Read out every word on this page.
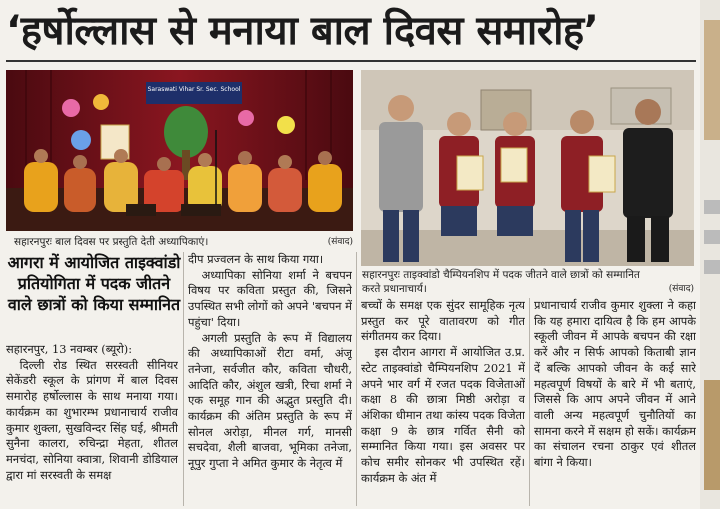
‘हर्षोल्लास से मनाया बाल दिवस समारोह’
Saraswati Vihar Sr. Sec. School
सहारनपुरः बाल दिवस पर प्रस्तुति देती अध्यापिकाएं।	(संवाद)
सहारनपुरः ताइक्वांडो चैम्पियनशिप में पदक जीतने वाले छात्रों को सम्मानित
करते प्रधानाचार्य।	(संवाद)
आगरा में आयोजित ताइक्वांडो प्रतियोगिता में पदक जीतने वाले छात्रों को किया सम्मानित

सहारनपुर, 13 नवम्बर (ब्यूरो):

दिल्ली रोड स्थित सरस्वती सीनियर सेकेंडरी स्कूल के प्रांगण में बाल दिवस समारोह हर्षोल्लास के साथ मनाया गया। कार्यक्रम का शुभारम्भ प्रधानाचार्य राजीव कुमार शुक्ला, सुखविन्दर सिंह घई, श्रीमती सुनैना कालरा, रुचिन्द्रा मेहता, शीतल मनचंदा, सोनिया क्वात्रा, शिवानी डोडियाल द्वारा मां सरस्वती के समक्ष

दीप प्रज्वलन के साथ किया गया।

अध्यापिका सोनिया शर्मा ने बचपन विषय पर कविता प्रस्तुत की, जिसने उपस्थित सभी लोगों को अपने 'बचपन में पहुंचा' दिया।

अगली प्रस्तुति के रूप में विद्यालय की अध्यापिकाओं रीटा वर्मा, अंजू तनेजा, सर्वजीत कौर, कविता चौधरी, आदिति कौर, अंशुल खत्री, रिचा शर्मा ने एक समूह गान की अद्भुत प्रस्तुति दी। कार्यक्रम की अंतिम प्रस्तुति के रूप में सोनल अरोड़ा, मीनल गर्ग, मानसी सचदेवा, शैली बाजवा, भूमिका तनेजा, नूपुर गुप्ता ने अमित कुमार के नेतृत्व में

बच्चों के समक्ष एक सुंदर सामूहिक नृत्य प्रस्तुत कर पूरे वातावरण को गीत संगीतमय कर दिया।

इस दौरान आगरा में आयोजित उ.प्र. स्टेट ताइक्वांडो चैम्पियनशिप 2021 में अपने भार वर्ग में रजत पदक विजेताओं कक्षा 8 की छात्रा मिष्ठी अरोड़ा व अंशिका धीमान तथा कांस्य पदक विजेता कक्षा 9 के छात्र गर्वित सैनी को सम्मानित किया गया। इस अवसर पर कोच समीर सोनकर भी उपस्थित रहें। कार्यक्रम के अंत में

प्रधानाचार्य राजीव कुमार शुक्ला ने कहा कि यह हमारा दायित्व है कि हम आपके स्कूली जीवन में आपके बचपन की रक्षा करें और न सिर्फ आपको किताबी ज्ञान दें बल्कि आपको जीवन के कई सारे महत्वपूर्ण विषयों के बारे में भी बताएं, जिससे कि आप अपने जीवन में आने वाली अन्य महत्वपूर्ण चुनौतियों का सामना करने में सक्षम हो सकें। कार्यक्रम का संचालन रचना ठाकुर एवं शीतल बांगा ने किया।
